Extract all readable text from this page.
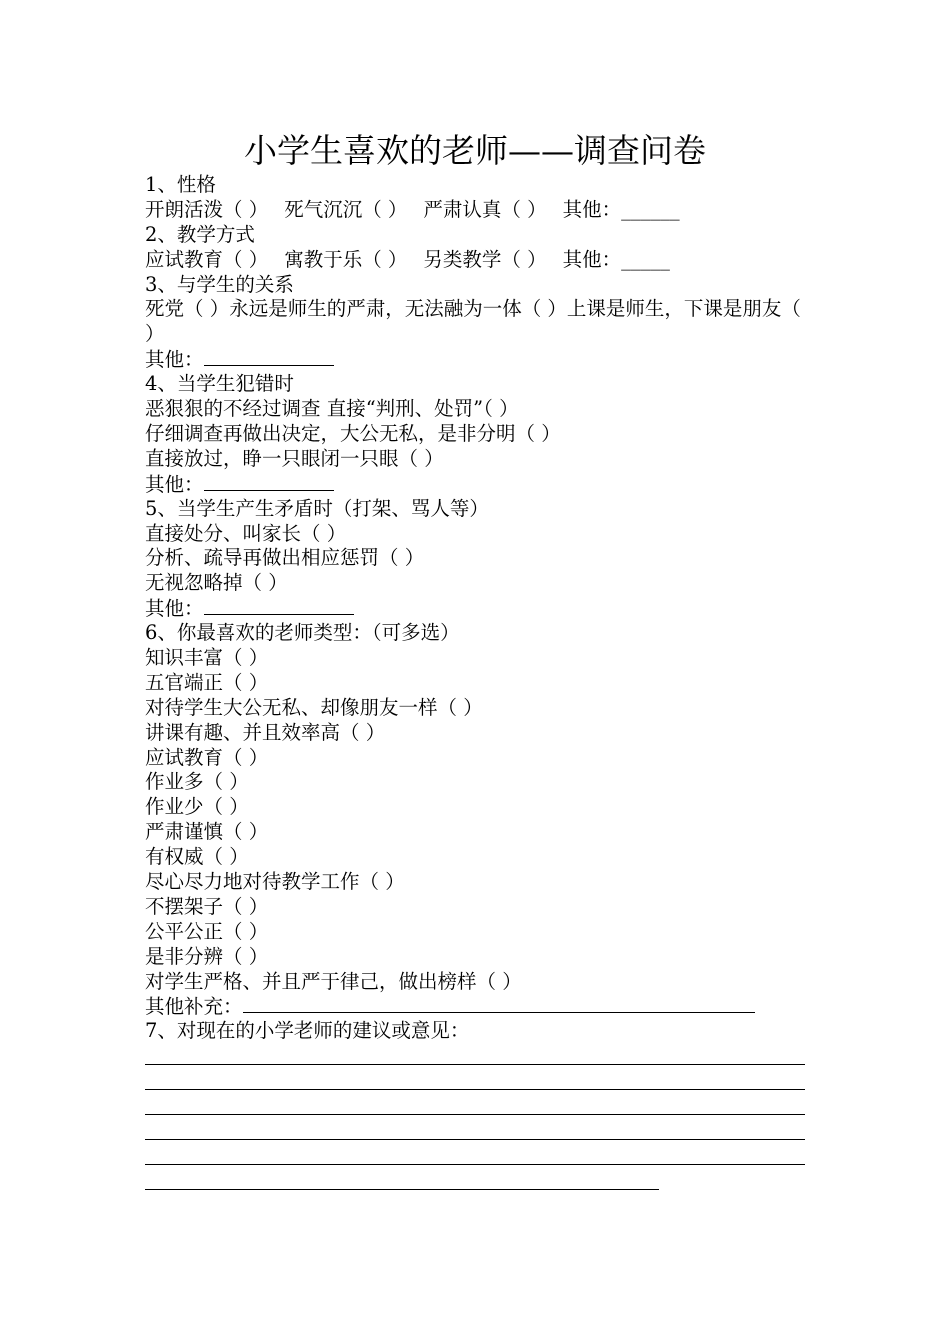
小学生喜欢的老师——调查问卷
1、性格
开朗活泼（ ） 死气沉沉（ ） 严肃认真（ ） 其他：______
2、教学方式
应试教育（ ） 寓教于乐（ ） 另类教学（ ） 其他：_____
3、与学生的关系
死党（ ）永远是师生的严肃，无法融为一体（ ）上课是师生，下课是朋友（ ）
其他：
4、当学生犯错时
恶狠狠的不经过调查 直接“判刑、处罚”（ ）
仔细调查再做出决定，大公无私，是非分明（ ）
直接放过，睁一只眼闭一只眼（ ）
其他：
5、当学生产生矛盾时（打架、骂人等）
直接处分、叫家长（ ）
分析、疏导再做出相应惩罚（ ）
无视忽略掉（ ）
其他：
6、你最喜欢的老师类型：（可多选）
知识丰富（ ）
五官端正（ ）
对待学生大公无私、却像朋友一样（ ）
讲课有趣、并且效率高（ ）
应试教育（ ）
作业多（ ）
作业少（ ）
严肃谨慎（ ）
有权威（ ）
尽心尽力地对待教学工作（ ）
不摆架子（ ）
公平公正（ ）
是非分辨（ ）
对学生严格、并且严于律己，做出榜样（ ）
其他补充：
7、对现在的小学老师的建议或意见：
